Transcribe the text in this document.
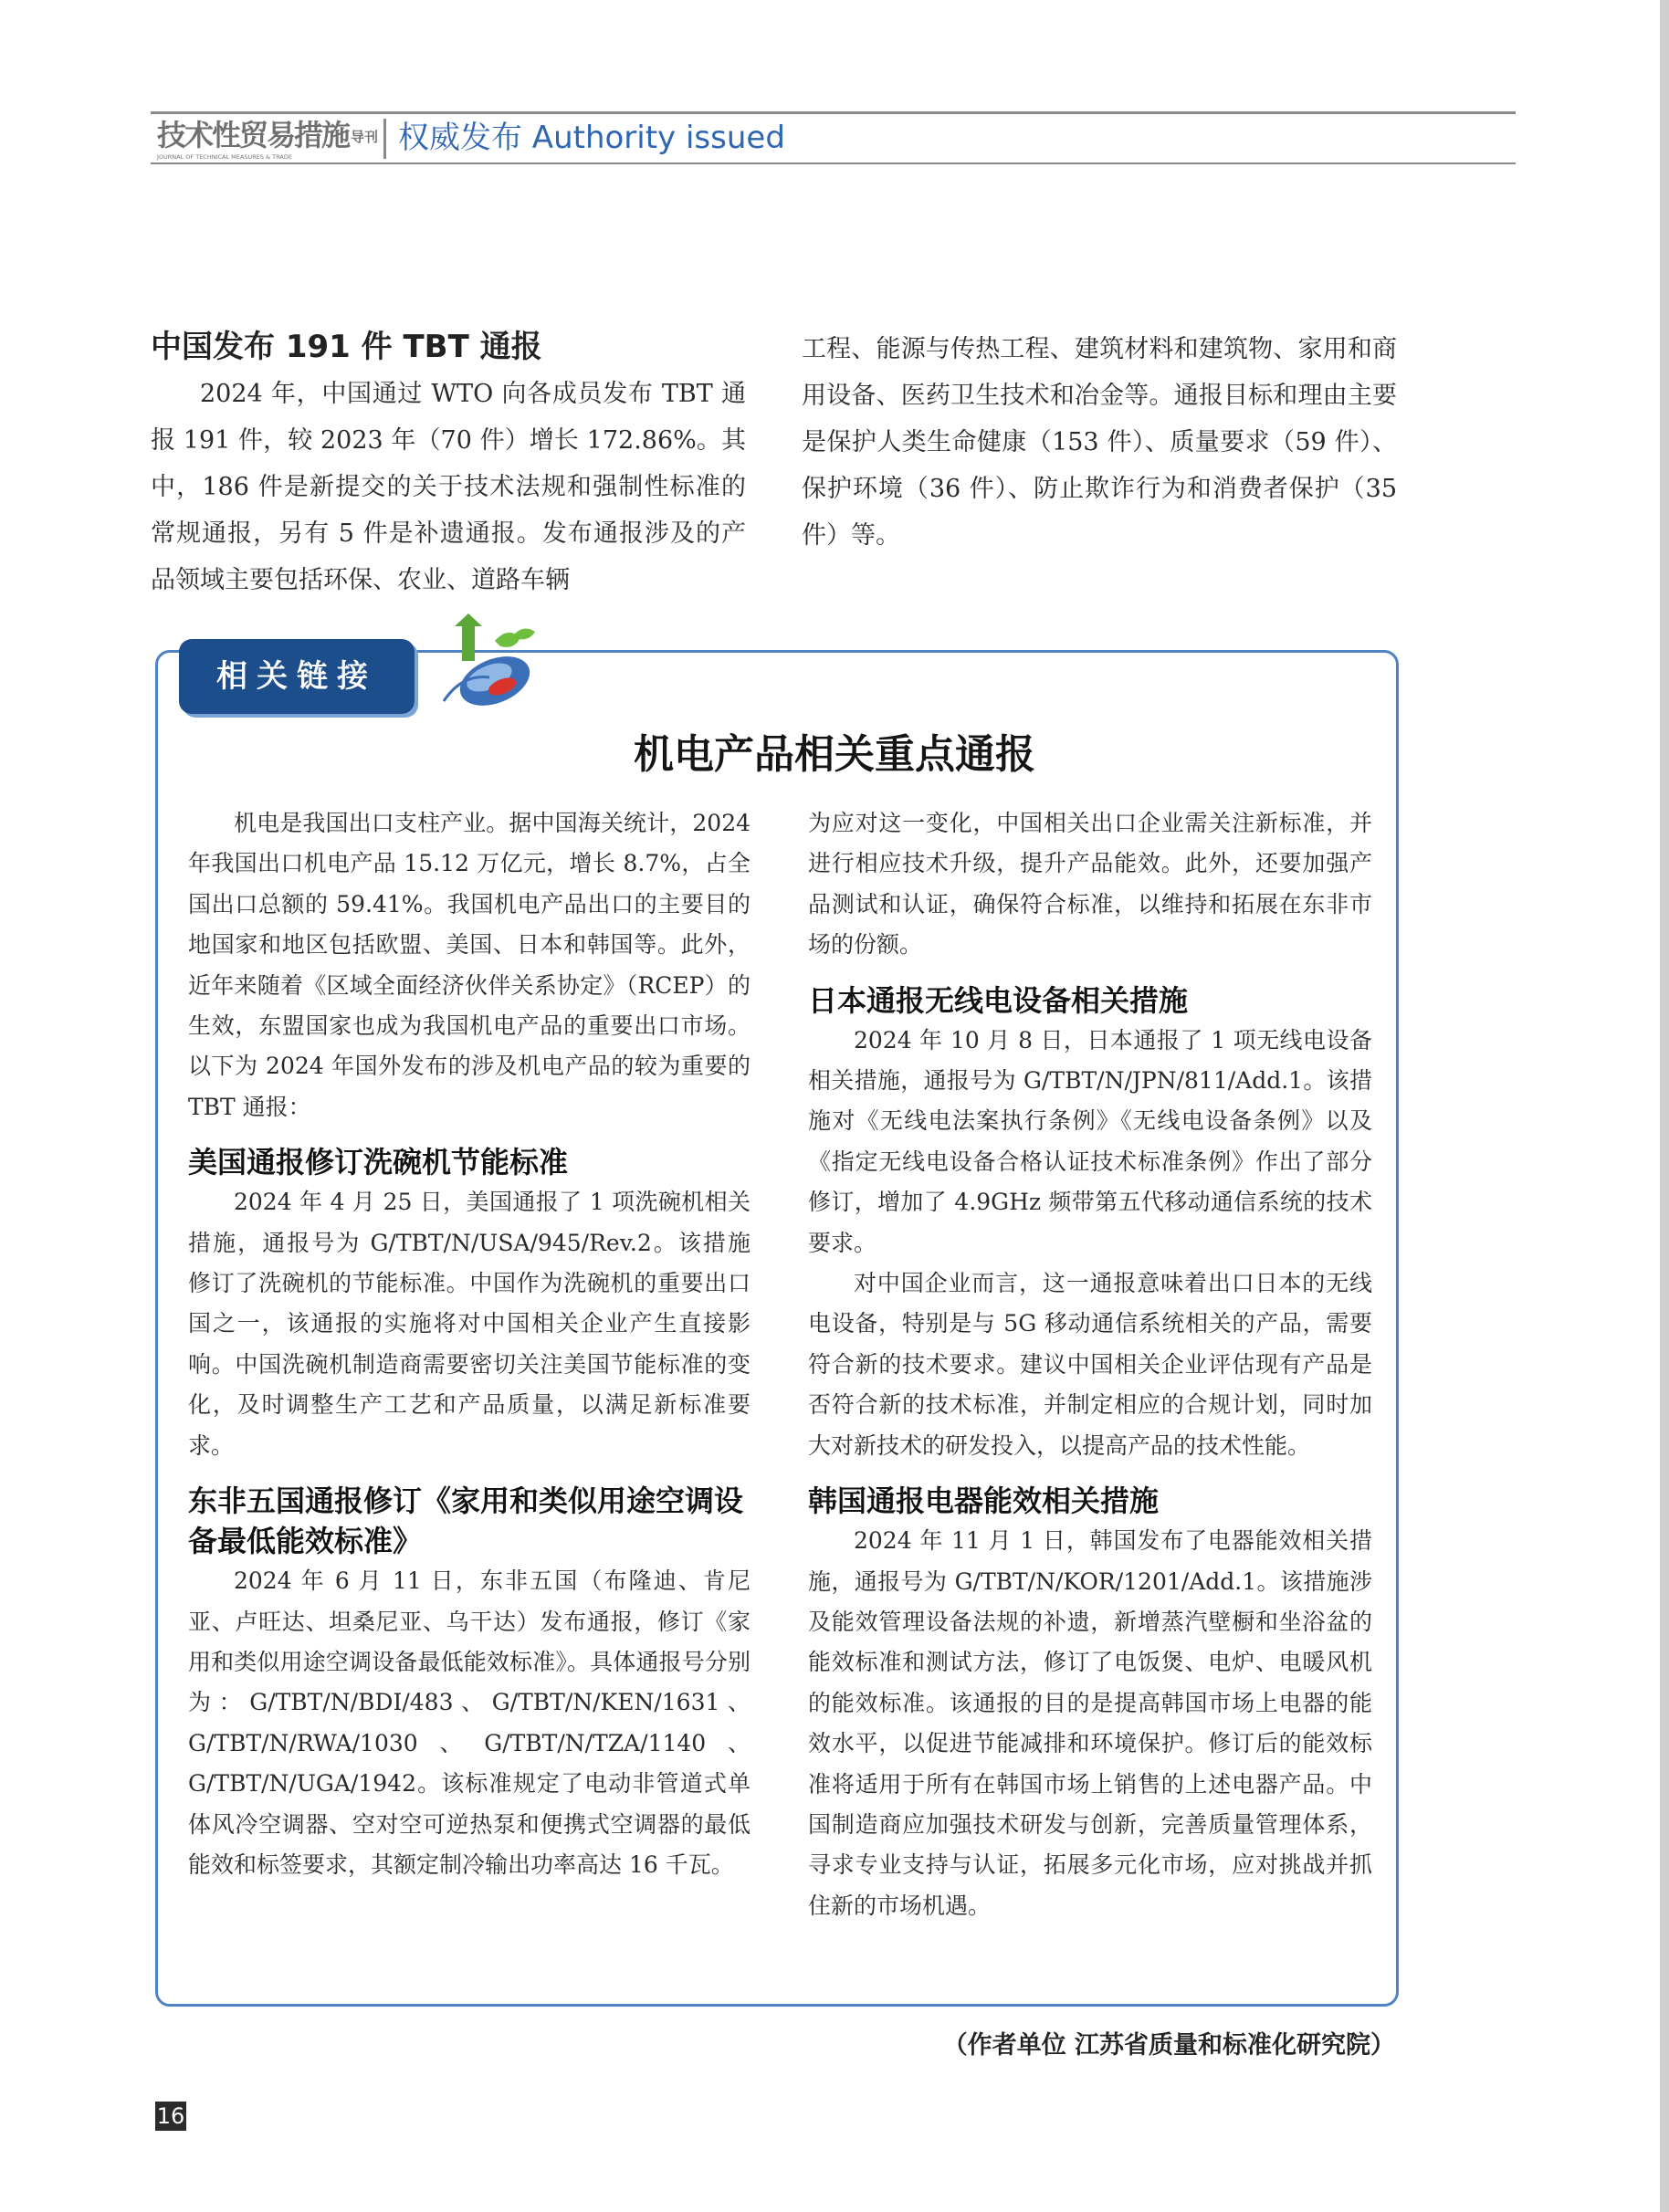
技术性贸易措施 导刊
JOURNAL OF TECHNICAL MEASURES & TRADE
权威发布 Authority issued
中国发布 191 件 TBT 通报

2024 年，中国通过 WTO 向各成员发布 TBT 通报 191 件，较 2023 年（70 件）增长 172.86%。其中，186 件是新提交的关于技术法规和强制性标准的常规通报，另有 5 件是补遗通报。发布通报涉及的产品领域主要包括环保、农业、道路车辆

工程、能源与传热工程、建筑材料和建筑物、家用和商用设备、医药卫生技术和冶金等。通报目标和理由主要是保护人类生命健康（153 件）、质量要求（59 件）、保护环境（36 件）、防止欺诈行为和消费者保护（35 件）等。

相关链接
机电产品相关重点通报

机电是我国出口支柱产业。据中国海关统计，2024 年我国出口机电产品 15.12 万亿元，增长 8.7%，占全国出口总额的 59.41%。我国机电产品出口的主要目的地国家和地区包括欧盟、美国、日本和韩国等。此外，近年来随着《区域全面经济伙伴关系协定》（RCEP）的生效，东盟国家也成为我国机电产品的重要出口市场。以下为 2024 年国外发布的涉及机电产品的较为重要的 TBT 通报：

美国通报修订洗碗机节能标准

2024 年 4 月 25 日，美国通报了 1 项洗碗机相关措施，通报号为 G/TBT/N/USA/945/Rev.2。该措施修订了洗碗机的节能标准。中国作为洗碗机的重要出口国之一，该通报的实施将对中国相关企业产生直接影响。中国洗碗机制造商需要密切关注美国节能标准的变化，及时调整生产工艺和产品质量，以满足新标准要求。

东非五国通报修订《家用和类似用途空调设备最低能效标准》

2024 年 6 月 11 日，东非五国（布隆迪、肯尼亚、卢旺达、坦桑尼亚、乌干达）发布通报，修订《家用和类似用途空调设备最低能效标准》。具体通报号分别为：G/TBT/N/BDI/483、G/TBT/N/KEN/1631、G/TBT/N/RWA/1030、G/TBT/N/TZA/1140、G/TBT/N/UGA/1942。该标准规定了电动非管道式单体风冷空调器、空对空可逆热泵和便携式空调器的最低能效和标签要求，其额定制冷输出功率高达 16 千瓦。

为应对这一变化，中国相关出口企业需关注新标准，并进行相应技术升级，提升产品能效。此外，还要加强产品测试和认证，确保符合标准，以维持和拓展在东非市场的份额。

日本通报无线电设备相关措施

2024 年 10 月 8 日，日本通报了 1 项无线电设备相关措施，通报号为 G/TBT/N/JPN/811/Add.1。该措施对《无线电法案执行条例》《无线电设备条例》以及《指定无线电设备合格认证技术标准条例》作出了部分修订，增加了 4.9GHz 频带第五代移动通信系统的技术要求。

对中国企业而言，这一通报意味着出口日本的无线电设备，特别是与 5G 移动通信系统相关的产品，需要符合新的技术要求。建议中国相关企业评估现有产品是否符合新的技术标准，并制定相应的合规计划，同时加大对新技术的研发投入，以提高产品的技术性能。

韩国通报电器能效相关措施

2024 年 11 月 1 日，韩国发布了电器能效相关措施，通报号为 G/TBT/N/KOR/1201/Add.1。该措施涉及能效管理设备法规的补遗，新增蒸汽壁橱和坐浴盆的能效标准和测试方法，修订了电饭煲、电炉、电暖风机的能效标准。该通报的目的是提高韩国市场上电器的能效水平，以促进节能减排和环境保护。修订后的能效标准将适用于所有在韩国市场上销售的上述电器产品。中国制造商应加强技术研发与创新，完善质量管理体系，寻求专业支持与认证，拓展多元化市场，应对挑战并抓住新的市场机遇。

（作者单位 江苏省质量和标准化研究院）
16
